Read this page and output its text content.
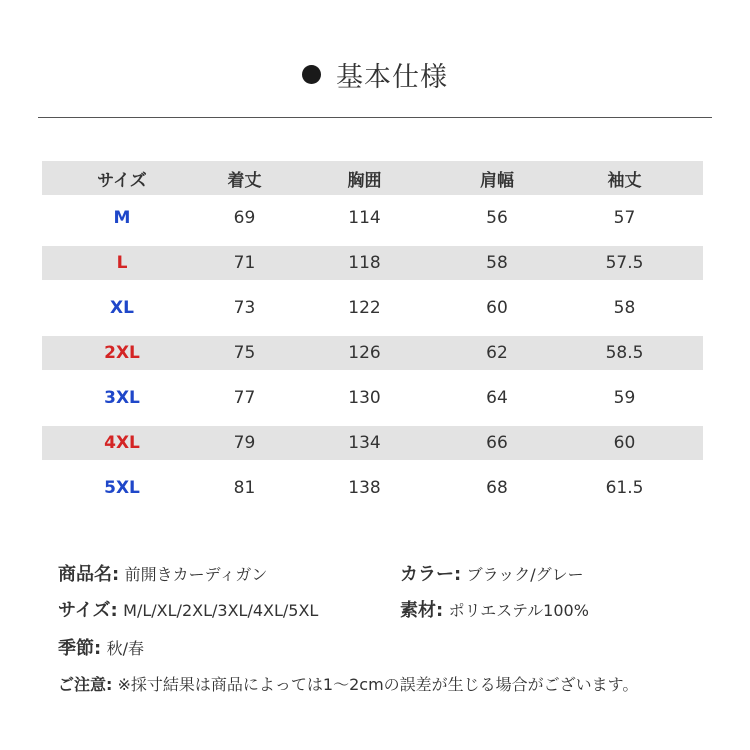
基本仕様
サイズ	着丈	胸囲	肩幅	袖丈
M	69	114	56	57
L	71	118	58	57.5
XL	73	122	60	58
2XL	75	126	62	58.5
3XL	77	130	64	59
4XL	79	134	66	60
5XL	81	138	68	61.5
商品名: 前開きカーディガン	カラー: ブラック/グレー
サイズ: M/L/XL/2XL/3XL/4XL/5XL	素材: ポリエステル100%
季節: 秋/春
ご注意: ※採寸結果は商品によっては1～2cmの誤差が生じる場合がございます。
